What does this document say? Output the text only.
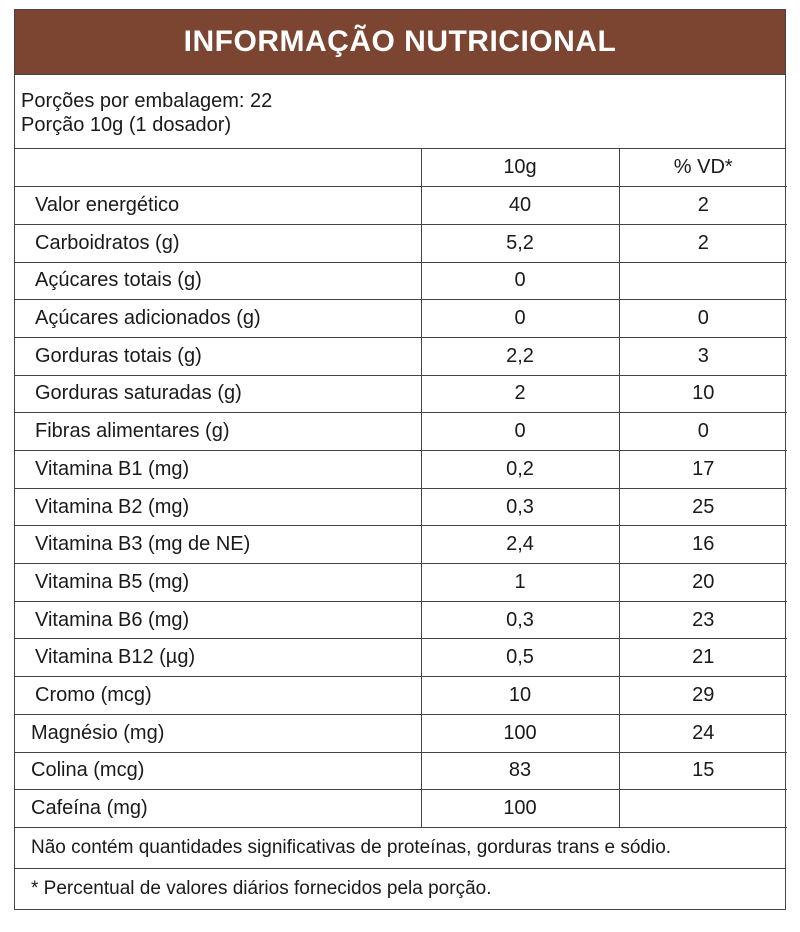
INFORMAÇÃO NUTRICIONAL
Porções por embalagem: 22
Porção 10g (1 dosador)
	10g	% VD*
Valor energético	40	2
Carboidratos (g)	5,2	2
Açúcares totais (g)	0	
Açúcares adicionados (g)	0	0
Gorduras totais (g)	2,2	3
Gorduras saturadas (g)	2	10
Fibras alimentares (g)	0	0
Vitamina B1 (mg)	0,2	17
Vitamina B2 (mg)	0,3	25
Vitamina B3 (mg de NE)	2,4	16
Vitamina B5 (mg)	1	20
Vitamina B6 (mg)	0,3	23
Vitamina B12 (µg)	0,5	21
Cromo (mcg)	10	29
Magnésio (mg)	100	24
Colina (mcg)	83	15
Cafeína (mg)	100	
Não contém quantidades significativas de proteínas, gorduras trans e sódio.
* Percentual de valores diários fornecidos pela porção.
